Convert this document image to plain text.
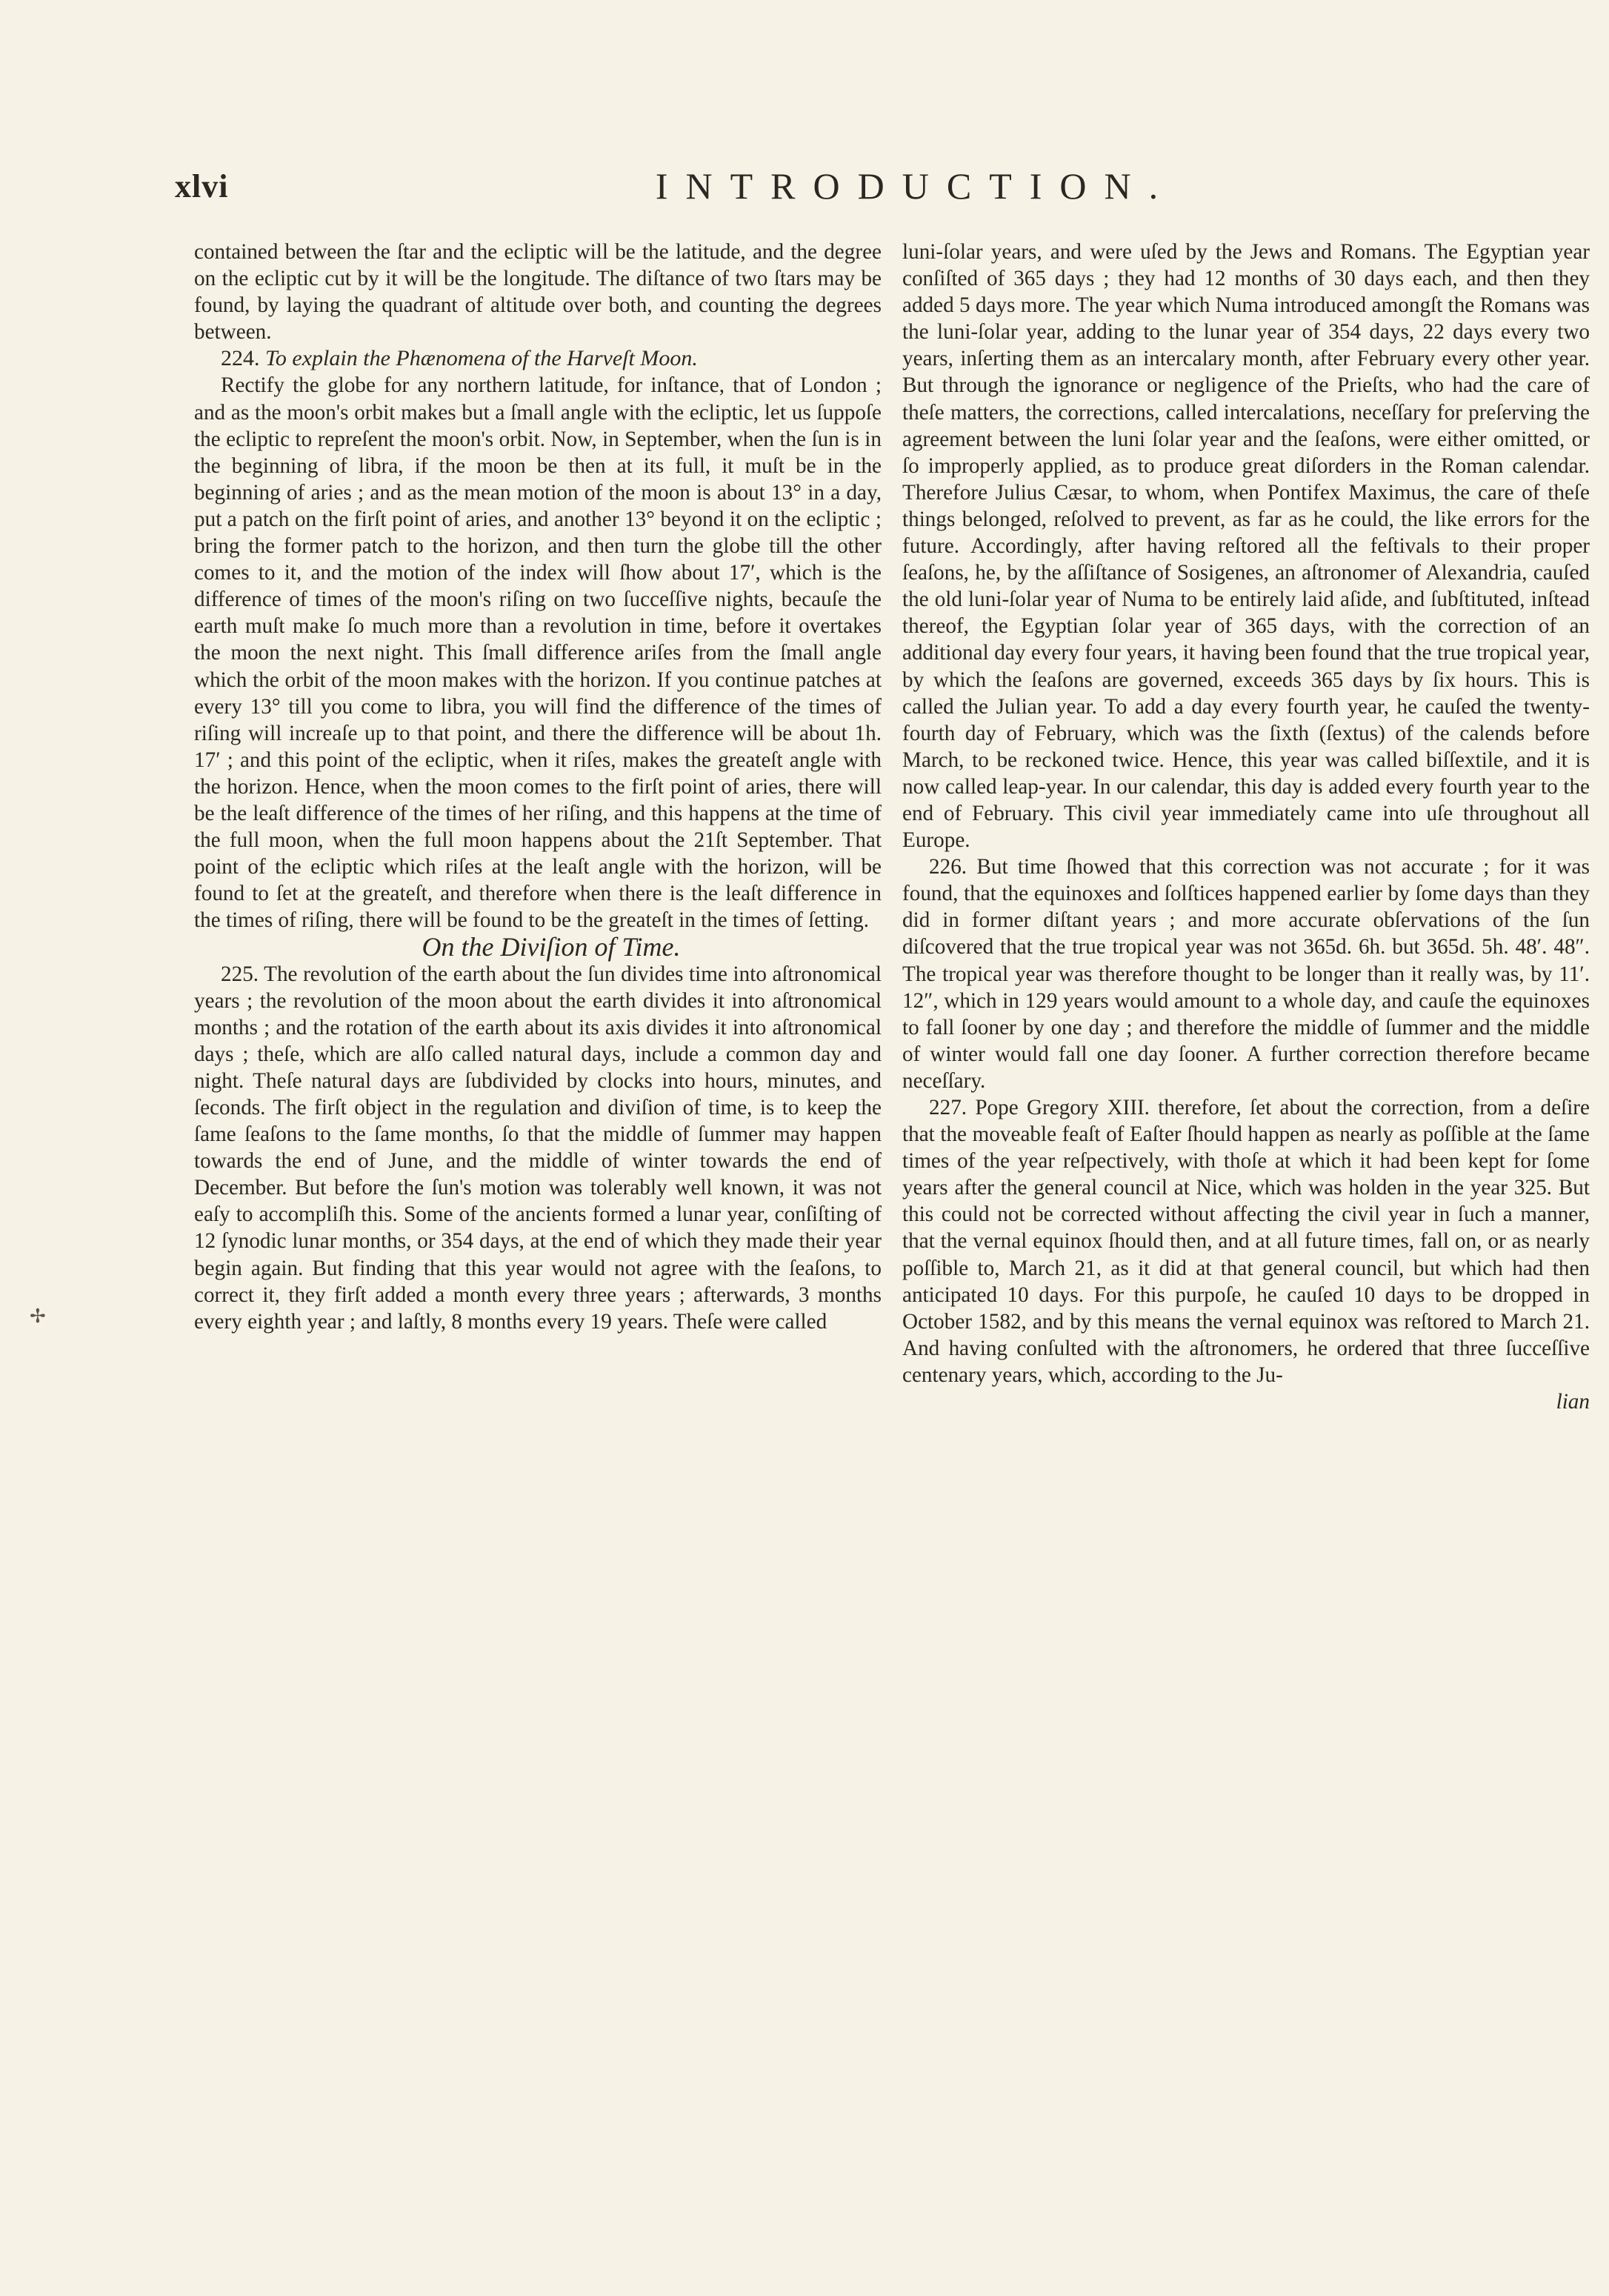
xlvi	INTRODUCTION.
✢

contained between the ſtar and the ecliptic will be the latitude, and the degree on the ecliptic cut by it will be the longitude. The diſtance of two ſtars may be found, by laying the quadrant of altitude over both, and counting the degrees between.

224. To explain the Phænomena of the Harveſt Moon.

Rectify the globe for any northern latitude, for inſtance, that of London ; and as the moon's orbit makes but a ſmall angle with the ecliptic, let us ſuppoſe the ecliptic to repreſent the moon's orbit. Now, in September, when the ſun is in the beginning of libra, if the moon be then at its full, it muſt be in the beginning of aries ; and as the mean motion of the moon is about 13° in a day, put a patch on the firſt point of aries, and another 13° beyond it on the ecliptic ; bring the former patch to the horizon, and then turn the globe till the other comes to it, and the motion of the index will ſhow about 17′, which is the difference of times of the moon's riſing on two ſucceſſive nights, becauſe the earth muſt make ſo much more than a revolution in time, before it overtakes the moon the next night. This ſmall difference ariſes from the ſmall angle which the orbit of the moon makes with the horizon. If you continue patches at every 13° till you come to libra, you will find the difference of the times of riſing will increaſe up to that point, and there the difference will be about 1h. 17′ ; and this point of the ecliptic, when it riſes, makes the greateſt angle with the horizon. Hence, when the moon comes to the firſt point of aries, there will be the leaſt difference of the times of her riſing, and this happens at the time of the full moon, when the full moon happens about the 21ſt September. That point of the ecliptic which riſes at the leaſt angle with the horizon, will be found to ſet at the greateſt, and therefore when there is the leaſt difference in the times of riſing, there will be found to be the greateſt in the times of ſetting.

On the Diviſion of Time.

225. The revolution of the earth about the ſun divides time into aſtronomical years ; the revolution of the moon about the earth divides it into aſtronomical months ; and the rotation of the earth about its axis divides it into aſtronomical days ; theſe, which are alſo called natural days, include a common day and night. Theſe natural days are ſubdivided by clocks into hours, minutes, and ſeconds. The firſt object in the regulation and diviſion of time, is to keep the ſame ſeaſons to the ſame months, ſo that the middle of ſummer may happen towards the end of June, and the middle of winter towards the end of December. But before the ſun's motion was tolerably well known, it was not eaſy to accompliſh this. Some of the ancients formed a lunar year, conſiſting of 12 ſynodic lunar months, or 354 days, at the end of which they made their year begin again. But finding that this year would not agree with the ſeaſons, to correct it, they firſt added a month every three years ; afterwards, 3 months every eighth year ; and laſtly, 8 months every 19 years. Theſe were called

luni-ſolar years, and were uſed by the Jews and Romans. The Egyptian year conſiſted of 365 days ; they had 12 months of 30 days each, and then they added 5 days more. The year which Numa introduced amongſt the Romans was the luni-ſolar year, adding to the lunar year of 354 days, 22 days every two years, inſerting them as an intercalary month, after February every other year. But through the ignorance or negligence of the Prieſts, who had the care of theſe matters, the corrections, called intercalations, neceſſary for preſerving the agreement between the luni ſolar year and the ſeaſons, were either omitted, or ſo improperly applied, as to produce great diſorders in the Roman calendar. Therefore Julius Cæsar, to whom, when Pontifex Maximus, the care of theſe things belonged, reſolved to prevent, as far as he could, the like errors for the future. Accordingly, after having reſtored all the feſtivals to their proper ſeaſons, he, by the aſſiſtance of Sosigenes, an aſtronomer of Alexandria, cauſed the old luni-ſolar year of Numa to be entirely laid aſide, and ſubſtituted, inſtead thereof, the Egyptian ſolar year of 365 days, with the correction of an additional day every four years, it having been found that the true tropical year, by which the ſeaſons are governed, exceeds 365 days by ſix hours. This is called the Julian year. To add a day every fourth year, he cauſed the twenty-fourth day of February, which was the ſixth (ſextus) of the calends before March, to be reckoned twice. Hence, this year was called biſſextile, and it is now called leap-year. In our calendar, this day is added every fourth year to the end of February. This civil year immediately came into uſe throughout all Europe.

226. But time ſhowed that this correction was not accurate ; for it was found, that the equinoxes and ſolſtices happened earlier by ſome days than they did in former diſtant years ; and more accurate obſervations of the ſun diſcovered that the true tropical year was not 365d. 6h. but 365d. 5h. 48′. 48″. The tropical year was therefore thought to be longer than it really was, by 11′. 12″, which in 129 years would amount to a whole day, and cauſe the equinoxes to fall ſooner by one day ; and therefore the middle of ſummer and the middle of winter would fall one day ſooner. A further correction therefore became neceſſary.

227. Pope Gregory XIII. therefore, ſet about the correction, from a deſire that the moveable feaſt of Eaſter ſhould happen as nearly as poſſible at the ſame times of the year reſpectively, with thoſe at which it had been kept for ſome years after the general council at Nice, which was holden in the year 325. But this could not be corrected without affecting the civil year in ſuch a manner, that the vernal equinox ſhould then, and at all future times, fall on, or as nearly poſſible to, March 21, as it did at that general council, but which had then anticipated 10 days. For this purpoſe, he cauſed 10 days to be dropped in October 1582, and by this means the vernal equinox was reſtored to March 21. And having conſulted with the aſtronomers, he ordered that three ſucceſſive centenary years, which, according to the Ju-

lian
